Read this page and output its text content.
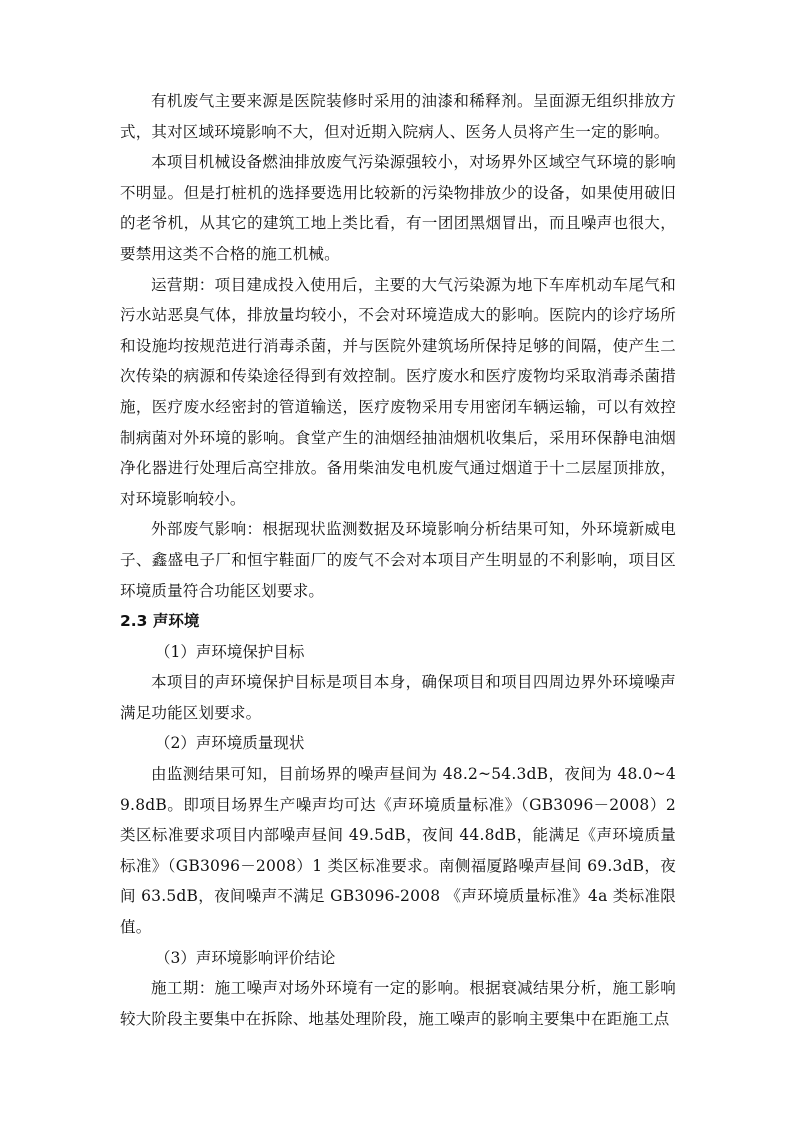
有机废气主要来源是医院装修时采用的油漆和稀释剂。呈面源无组织排放方式，其对区域环境影响不大，但对近期入院病人、医务人员将产生一定的影响。

本项目机械设备燃油排放废气污染源强较小，对场界外区域空气环境的影响不明显。但是打桩机的选择要选用比较新的污染物排放少的设备，如果使用破旧的老爷机，从其它的建筑工地上类比看，有一团团黑烟冒出，而且噪声也很大，要禁用这类不合格的施工机械。

运营期：项目建成投入使用后，主要的大气污染源为地下车库机动车尾气和污水站恶臭气体，排放量均较小，不会对环境造成大的影响。医院内的诊疗场所和设施均按规范进行消毒杀菌，并与医院外建筑场所保持足够的间隔，使产生二次传染的病源和传染途径得到有效控制。医疗废水和医疗废物均采取消毒杀菌措施，医疗废水经密封的管道输送，医疗废物采用专用密闭车辆运输，可以有效控制病菌对外环境的影响。食堂产生的油烟经抽油烟机收集后，采用环保静电油烟净化器进行处理后高空排放。备用柴油发电机废气通过烟道于十二层屋顶排放，对环境影响较小。

外部废气影响：根据现状监测数据及环境影响分析结果可知，外环境新威电子、鑫盛电子厂和恒宇鞋面厂的废气不会对本项目产生明显的不利影响，项目区环境质量符合功能区划要求。

2.3 声环境

（1）声环境保护目标

本项目的声环境保护目标是项目本身，确保项目和项目四周边界外环境噪声满足功能区划要求。

（2）声环境质量现状

由监测结果可知，目前场界的噪声昼间为 48.2~54.3dB，夜间为 48.0~49.8dB。即项目场界生产噪声均可达《声环境质量标准》（GB3096－2008）2 类区标准要求项目内部噪声昼间 49.5dB，夜间 44.8dB，能满足《声环境质量标准》（GB3096－2008）1 类区标准要求。南侧福厦路噪声昼间 69.3dB，夜间 63.5dB，夜间噪声不满足 GB3096-2008 《声环境质量标准》4a 类标准限值。

（3）声环境影响评价结论

施工期：施工噪声对场外环境有一定的影响。根据衰减结果分析，施工影响较大阶段主要集中在拆除、地基处理阶段，施工噪声的影响主要集中在距施工点
